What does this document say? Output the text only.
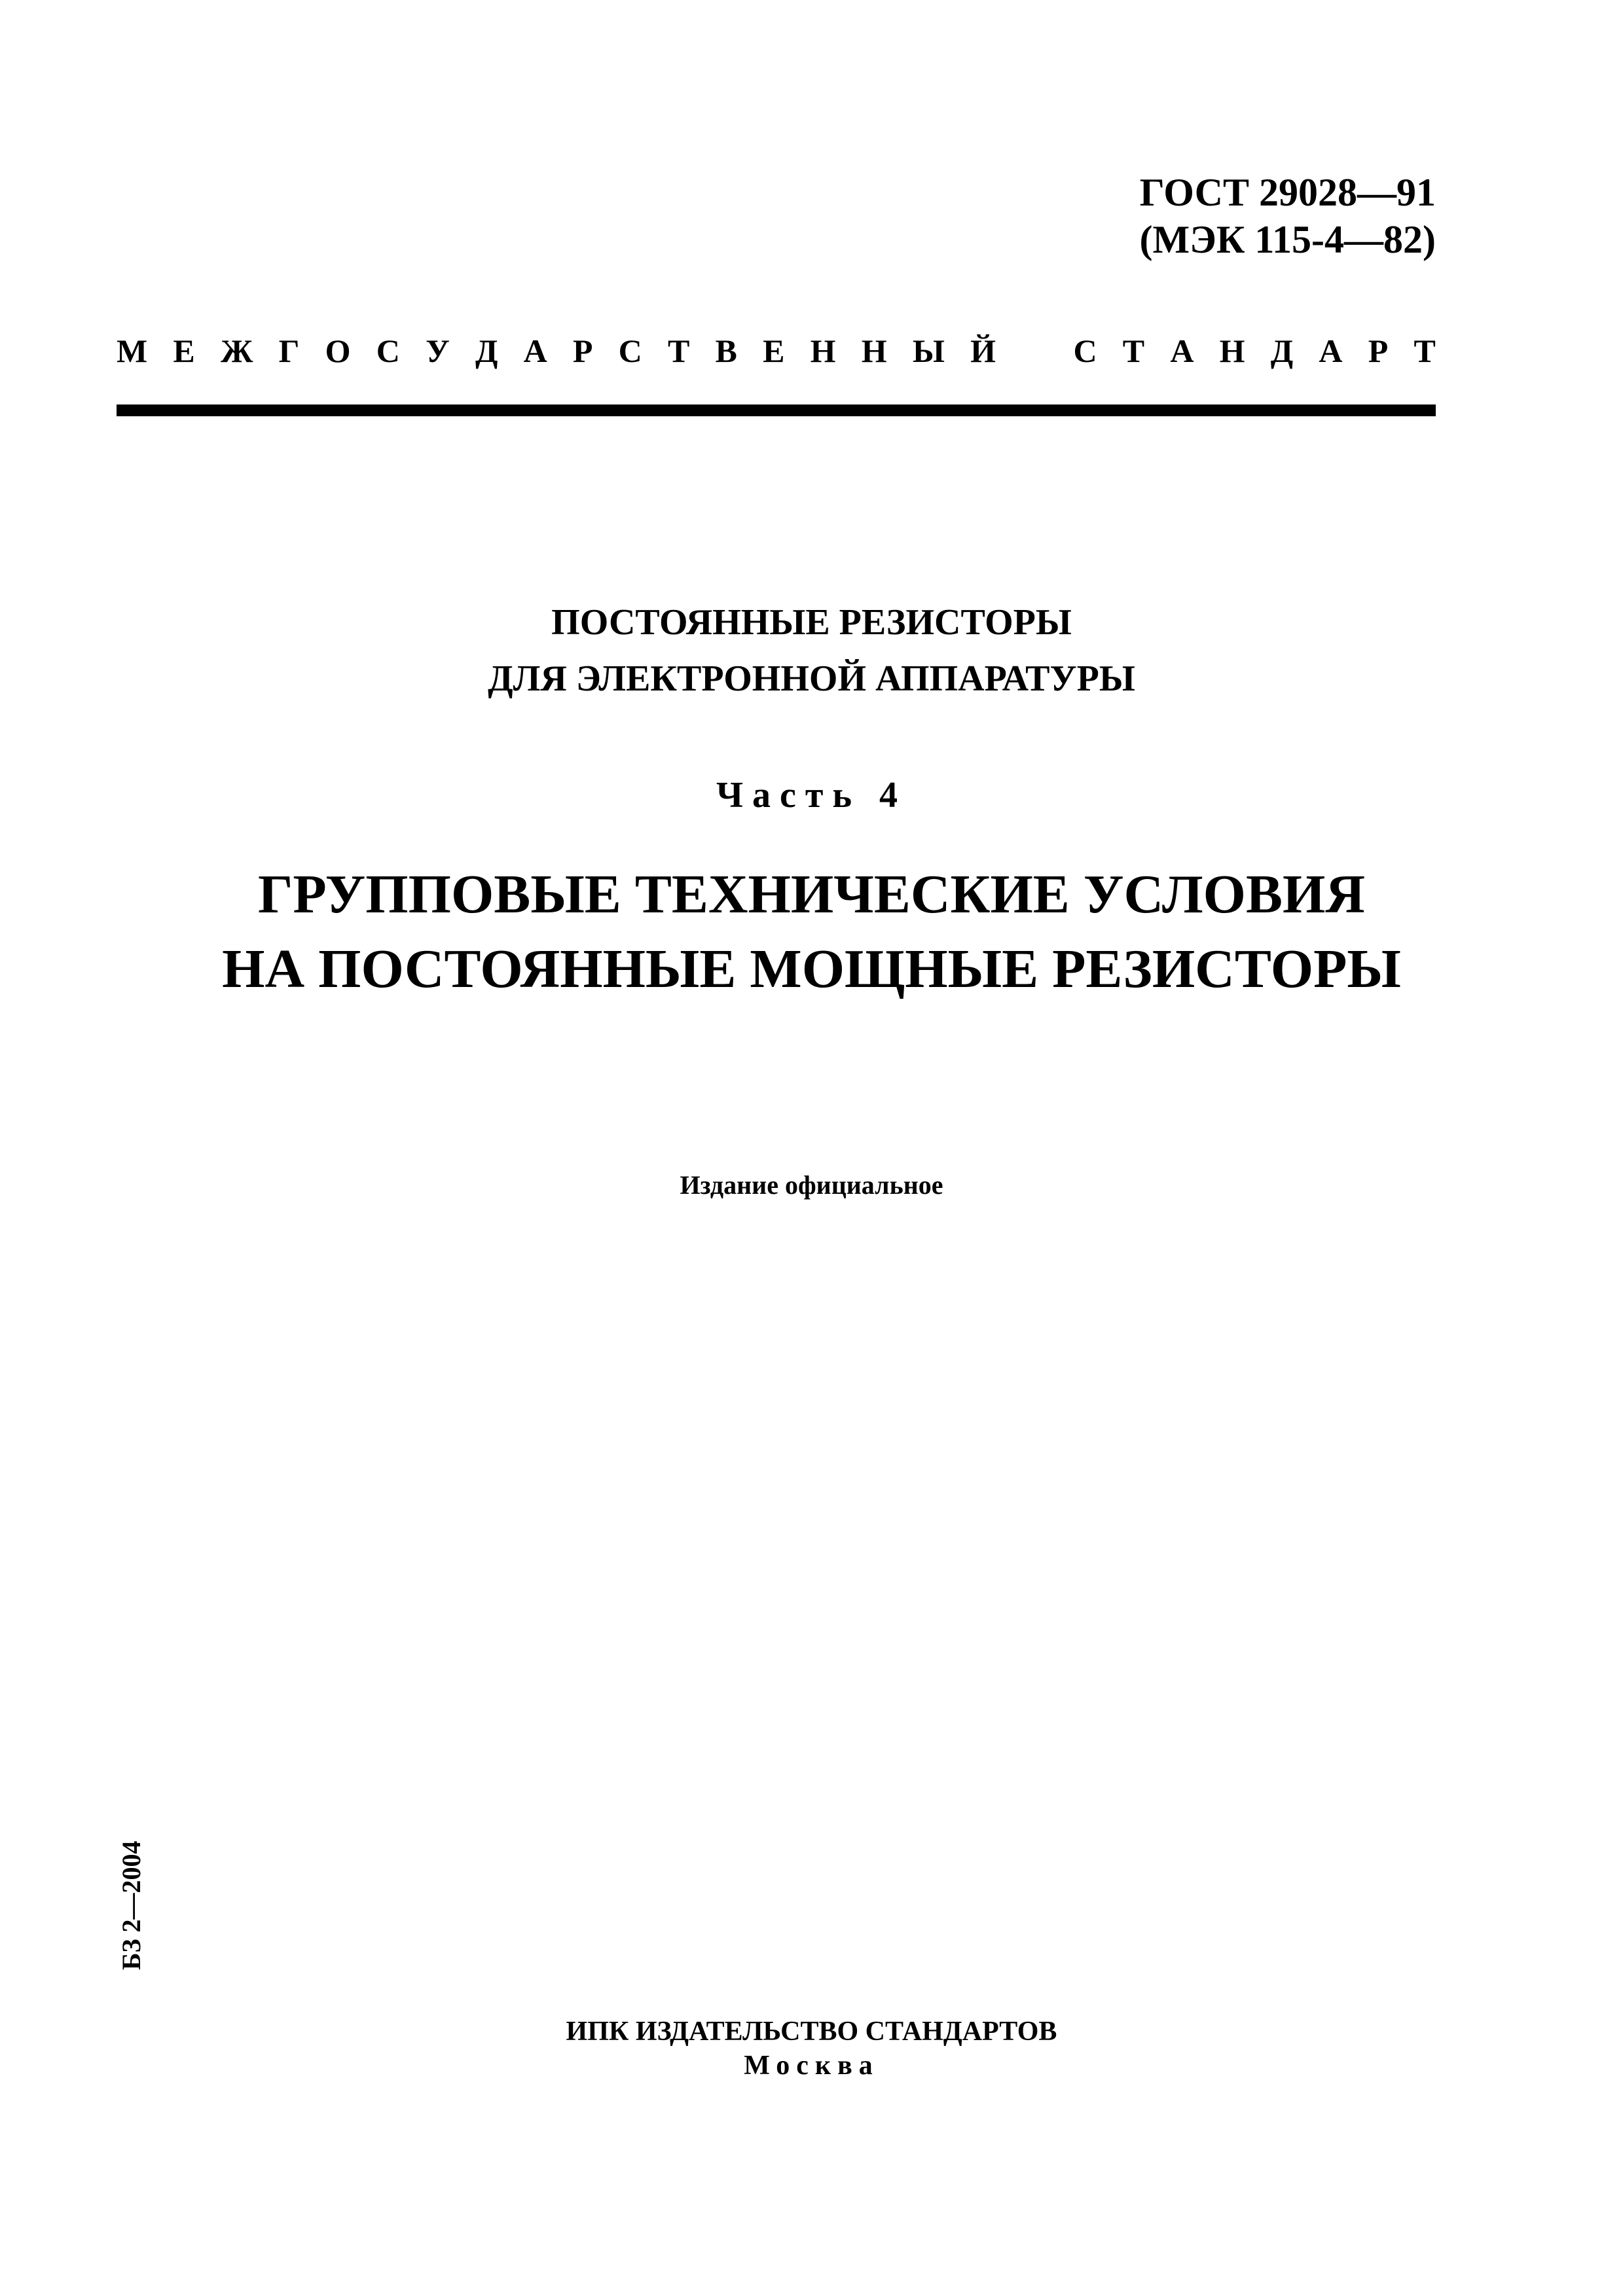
ГОСТ 29028—91
(МЭК 115-4—82)
М Е Ж Г О С У Д А Р С Т В Е Н Н Ы Й С Т А Н Д А Р Т
ПОСТОЯННЫЕ РЕЗИСТОРЫ
ДЛЯ ЭЛЕКТРОННОЙ АППАРАТУРЫ
Часть 4
ГРУППОВЫЕ ТЕХНИЧЕСКИЕ УСЛОВИЯ
НА ПОСТОЯННЫЕ МОЩНЫЕ РЕЗИСТОРЫ
Издание официальное
БЗ 2—2004
ИПК ИЗДАТЕЛЬСТВО СТАНДАРТОВ
Москва
